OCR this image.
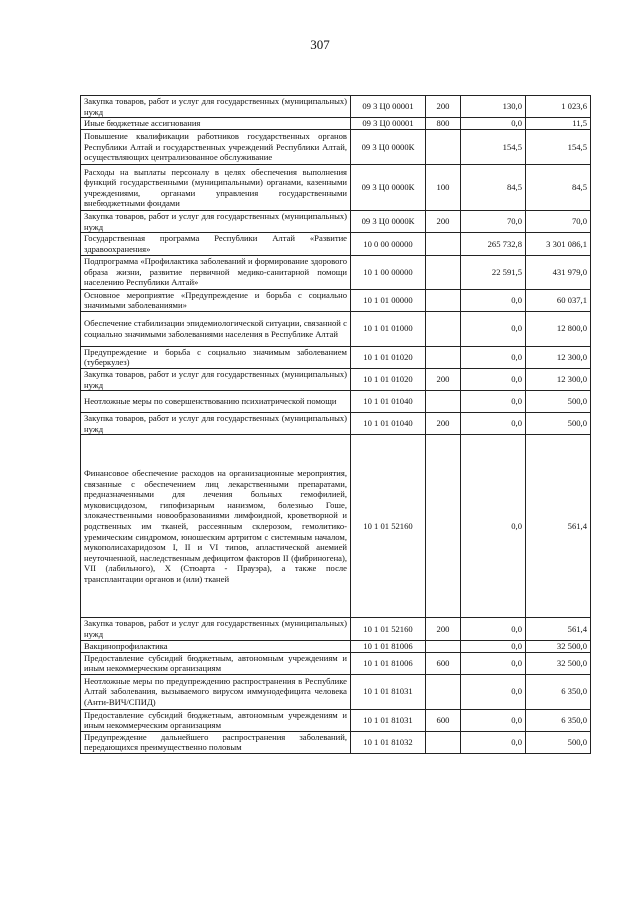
307
Закупка товаров, работ и услуг для государственных (муниципальных) нужд	09 3 Ц0 00001	200	130,0	1 023,6
Иные бюджетные ассигнования	09 3 Ц0 00001	800	0,0	11,5
Повышение квалификации работников государственных органов Республики Алтай и государственных учреждений Республики Алтай, осуществляющих централизованное обслуживание	09 3 Ц0 0000К		154,5	154,5
Расходы на выплаты персоналу в целях обеспечения выполнения функций государственными (муниципальными) органами, казенными учреждениями, органами управления государственными внебюджетными фондами	09 3 Ц0 0000К	100	84,5	84,5
Закупка товаров, работ и услуг для государственных (муниципальных) нужд	09 3 Ц0 0000К	200	70,0	70,0
Государственная программа Республики Алтай «Развитие здравоохранения»	10 0 00 00000		265 732,8	3 301 086,1
Подпрограмма «Профилактика заболеваний и формирование здорового образа жизни, развитие первичной медико-санитарной помощи населению Республики Алтай»	10 1 00 00000		22 591,5	431 979,0
Основное мероприятие «Предупреждение и борьба с социально значимыми заболеваниями»	10 1 01 00000		0,0	60 037,1
Обеспечение стабилизации эпидемиологической ситуации, связанной с социально значимыми заболеваниями населения в Республике Алтай	10 1 01 01000		0,0	12 800,0
Предупреждение и борьба с социально значимым заболеванием (туберкулез)	10 1 01 01020		0,0	12 300,0
Закупка товаров, работ и услуг для государственных (муниципальных) нужд	10 1 01 01020	200	0,0	12 300,0
Неотложные меры по совершенствованию психиатрической помощи	10 1 01 01040		0,0	500,0
Закупка товаров, работ и услуг для государственных (муниципальных) нужд	10 1 01 01040	200	0,0	500,0
Финансовое обеспечение расходов на организационные мероприятия, связанные с обеспечением лиц лекарственными препаратами, предназначенными для лечения больных гемофилией, муковисцидозом, гипофизарным нанизмом, болезнью Гоше, злокачественными новообразованиями лимфоидной, кроветворной и родственных им тканей, рассеянным склерозом, гемолитико-уремическим синдромом, юношеским артритом с системным началом, мукополисахаридозом I, II и VI типов, апластической анемией неуточненной, наследственным дефицитом факторов II (фибриногена), VII (лабильного), X (Стюарта - Прауэра), а также после трансплантации органов и (или) тканей	10 1 01 52160		0,0	561,4
Закупка товаров, работ и услуг для государственных (муниципальных) нужд	10 1 01 52160	200	0,0	561,4
Вакцинопрофилактика	10 1 01 81006		0,0	32 500,0
Предоставление субсидий бюджетным, автономным учреждениям и иным некоммерческим организациям	10 1 01 81006	600	0,0	32 500,0
Неотложные меры по предупреждению распространения в Республике Алтай заболевания, вызываемого вирусом иммунодефицита человека (Анти-ВИЧ/СПИД)	10 1 01 81031		0,0	6 350,0
Предоставление субсидий бюджетным, автономным учреждениям и иным некоммерческим организациям	10 1 01 81031	600	0,0	6 350,0
Предупреждение дальнейшего распространения заболеваний, передающихся преимущественно половым	10 1 01 81032		0,0	500,0
